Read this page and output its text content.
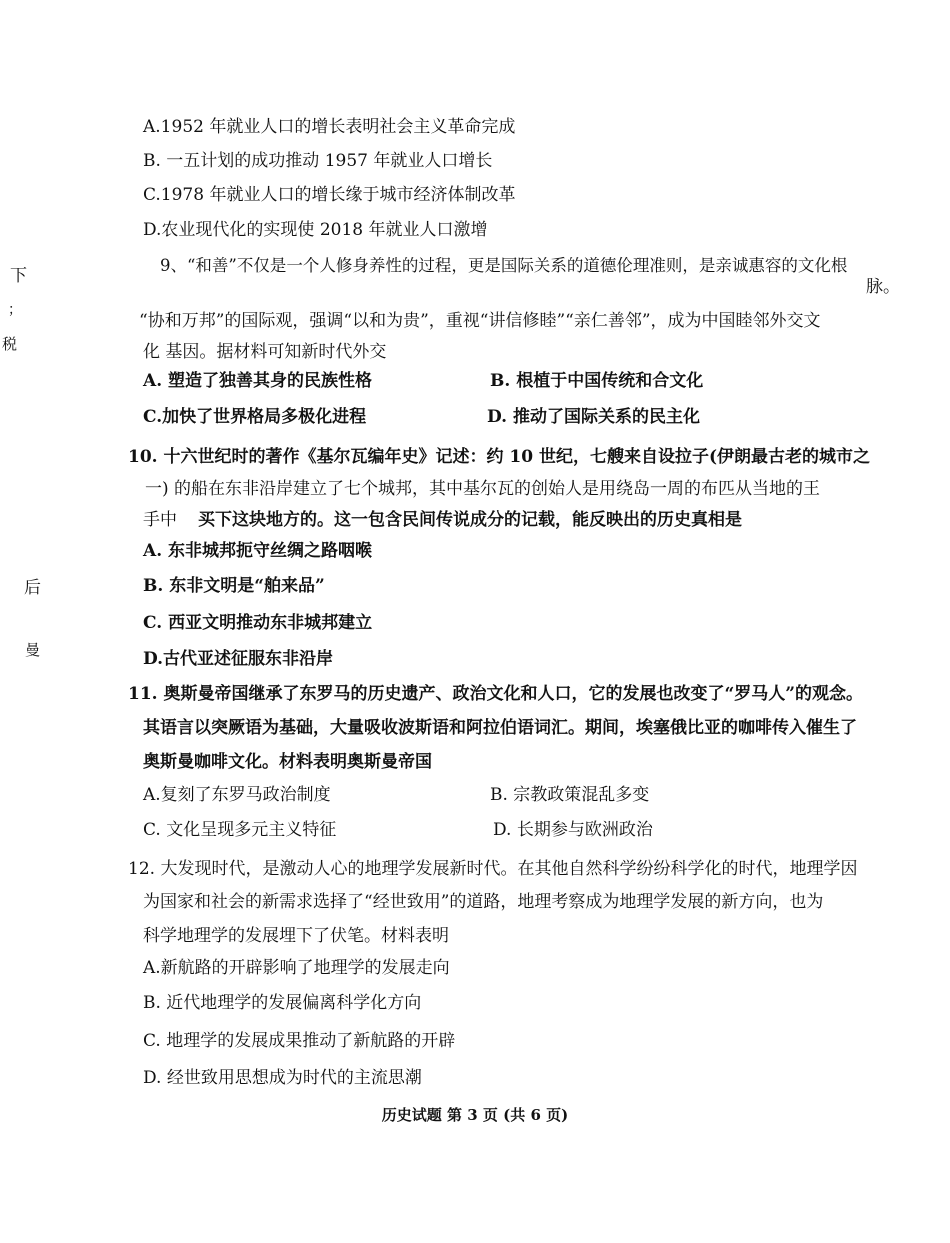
A.1952 年就业人口的增长表明社会主义革命完成
B. 一五计划的成功推动 1957 年就业人口增长
C.1978 年就业人口的增长缘于城市经济体制改革
D.农业现代化的实现使 2018 年就业人口激增
9、“和善”不仅是一个人修身养性的过程，更是国际关系的道德伦理准则，是亲诚惠容的文化根
脉。
“协和万邦”的国际观，强调“以和为贵”，重视“讲信修睦”“亲仁善邻”，成为中国睦邻外交文
化 基因。据材料可知新时代外交
A. 塑造了独善其身的民族性格	B. 根植于中国传统和合文化
C.加快了世界格局多极化进程	D. 推动了国际关系的民主化
10. 十六世纪时的著作《基尔瓦编年史》记述：约 10 世纪，七艘来自设拉子(伊朗最古老的城市之
一) 的船在东非沿岸建立了七个城邦，其中基尔瓦的创始人是用绕岛一周的布匹从当地的王
手中 买下这块地方的。这一包含民间传说成分的记载，能反映出的历史真相是
A. 东非城邦扼守丝绸之路咽喉
B. 东非文明是“舶来品”
C. 西亚文明推动东非城邦建立
D.古代亚述征服东非沿岸
11. 奥斯曼帝国继承了东罗马的历史遗产、政治文化和人口，它的发展也改变了“罗马人”的观念。
其语言以突厥语为基础，大量吸收波斯语和阿拉伯语词汇。期间，埃塞俄比亚的咖啡传入催生了
奥斯曼咖啡文化。材料表明奥斯曼帝国
A.复刻了东罗马政治制度	B. 宗教政策混乱多变
C. 文化呈现多元主义特征	D. 长期参与欧洲政治
12. 大发现时代，是激动人心的地理学发展新时代。在其他自然科学纷纷科学化的时代，地理学因
为国家和社会的新需求选择了“经世致用”的道路，地理考察成为地理学发展的新方向，也为
科学地理学的发展埋下了伏笔。材料表明
A.新航路的开辟影响了地理学的发展走向
B. 近代地理学的发展偏离科学化方向
C. 地理学的发展成果推动了新航路的开辟
D. 经世致用思想成为时代的主流思潮
下
；
税
后
曼
历史试题 第 3 页 (共 6 页)
